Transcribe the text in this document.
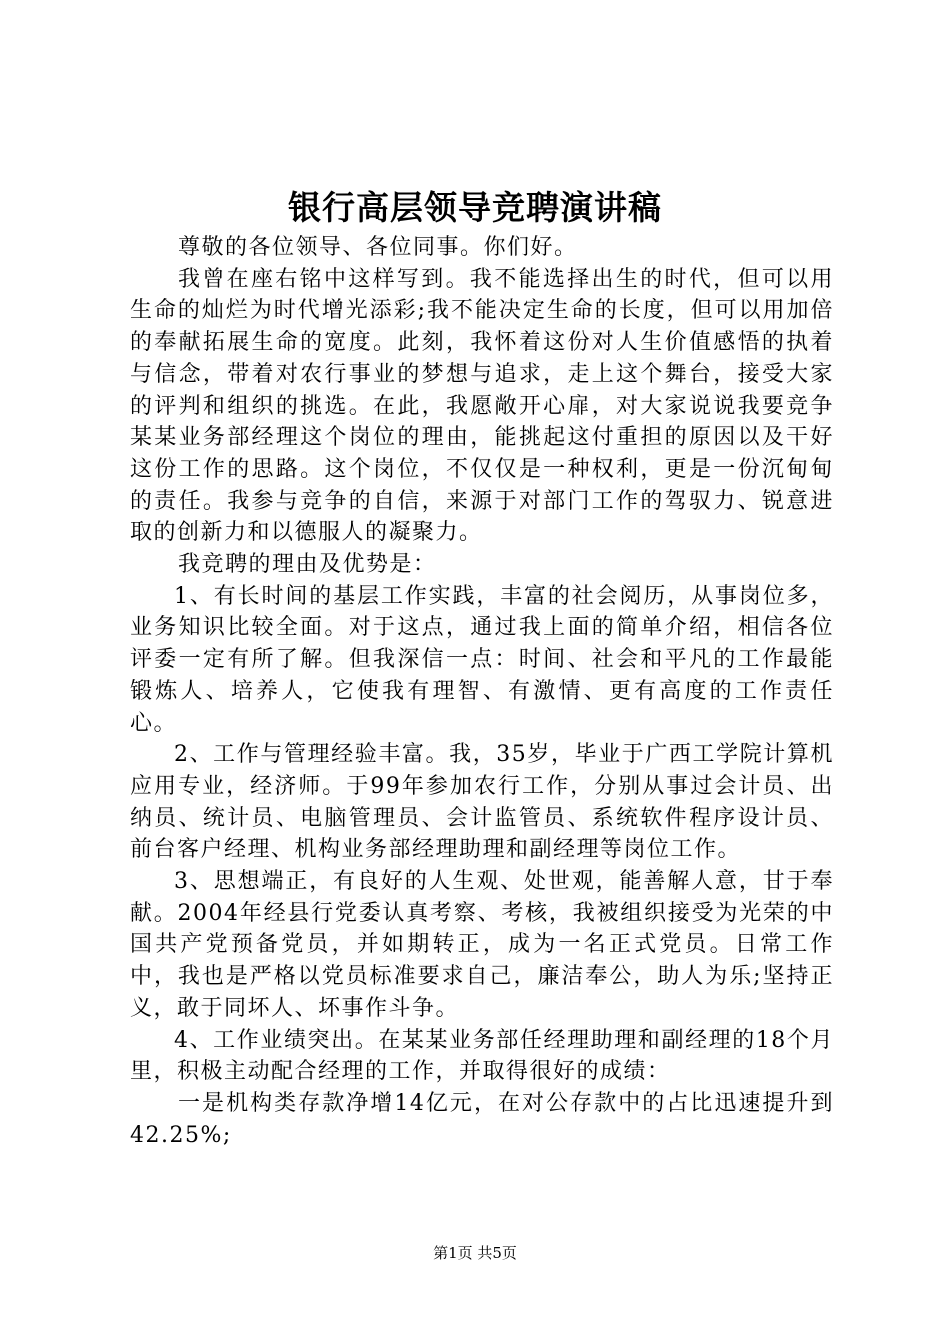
银行高层领导竞聘演讲稿

尊敬的各位领导、各位同事。你们好。

我曾在座右铭中这样写到。我不能选择出生的时代，但可以用生命的灿烂为时代增光添彩;我不能决定生命的长度，但可以用加倍的奉献拓展生命的宽度。此刻，我怀着这份对人生价值感悟的执着与信念，带着对农行事业的梦想与追求，走上这个舞台，接受大家的评判和组织的挑选。在此，我愿敞开心扉，对大家说说我要竞争某某业务部经理这个岗位的理由，能挑起这付重担的原因以及干好这份工作的思路。这个岗位，不仅仅是一种权利，更是一份沉甸甸的责任。我参与竞争的自信，来源于对部门工作的驾驭力、锐意进取的创新力和以德服人的凝聚力。

我竞聘的理由及优势是：

1、有长时间的基层工作实践，丰富的社会阅历，从事岗位多，业务知识比较全面。对于这点，通过我上面的简单介绍，相信各位评委一定有所了解。但我深信一点：时间、社会和平凡的工作最能锻炼人、培养人，它使我有理智、有激情、更有高度的工作责任心。

2、工作与管理经验丰富。我，35岁，毕业于广西工学院计算机应用专业，经济师。于99年参加农行工作，分别从事过会计员、出纳员、统计员、电脑管理员、会计监管员、系统软件程序设计员、前台客户经理、机构业务部经理助理和副经理等岗位工作。

3、思想端正，有良好的人生观、处世观，能善解人意，甘于奉献。2004年经县行党委认真考察、考核，我被组织接受为光荣的中国共产党预备党员，并如期转正，成为一名正式党员。日常工作中，我也是严格以党员标准要求自己，廉洁奉公，助人为乐;坚持正义，敢于同坏人、坏事作斗争。

4、工作业绩突出。在某某业务部任经理助理和副经理的18个月里，积极主动配合经理的工作，并取得很好的成绩：

一是机构类存款净增14亿元，在对公存款中的占比迅速提升到42.25%;

第1页 共5页
